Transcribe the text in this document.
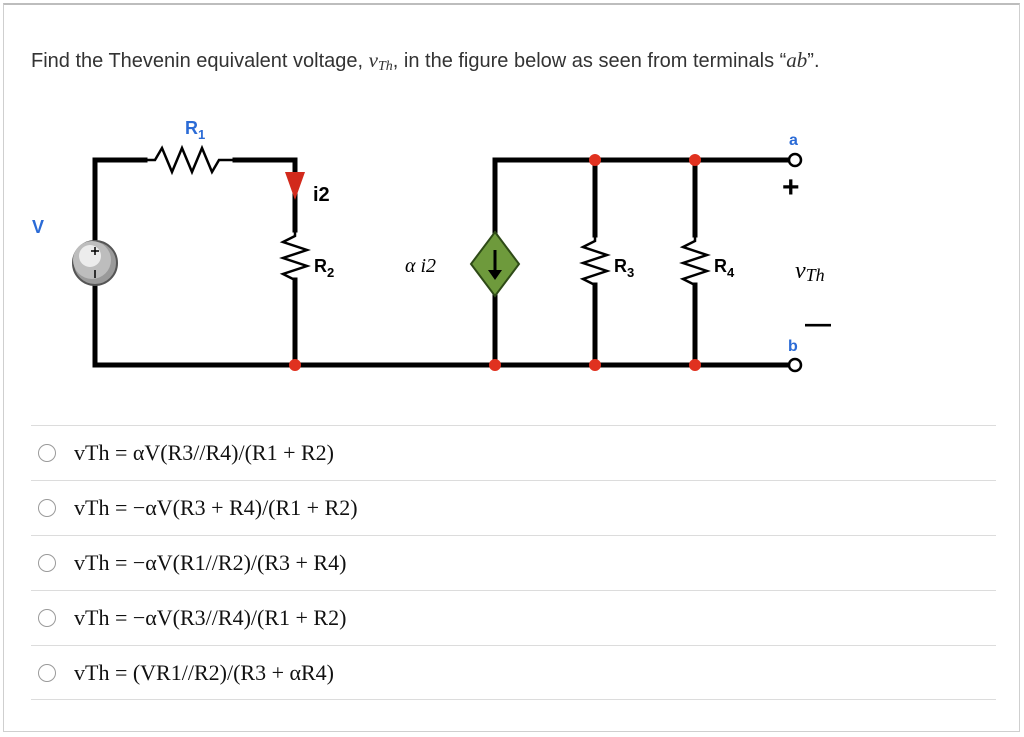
Find the Thevenin equivalent voltage, $v_{Th}$, in the figure below as seen from terminals “ab”.
$R_1$
i2
$R_2$	α i2	$R_3$	$R_4$
V
a
+
vTh
—
b
vTh = αV(R3//R4)/(R1 + R2)
vTh = −αV(R3 + R4)/(R1 + R2)
vTh = −αV(R1//R2)/(R3 + R4)
vTh = −αV(R3//R4)/(R1 + R2)
vTh = (VR1//R2)/(R3 + αR4)
